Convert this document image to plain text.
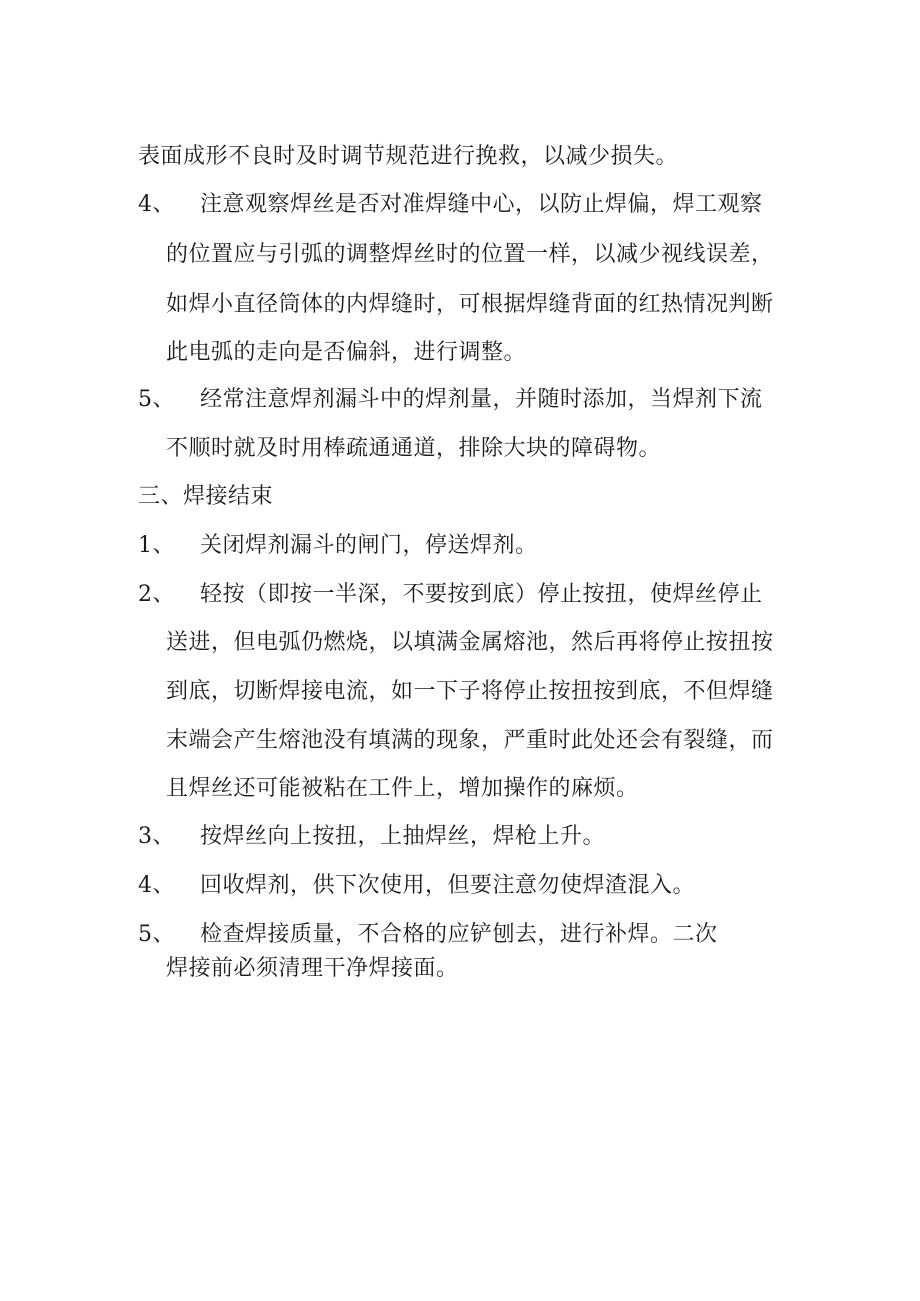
表面成形不良时及时调节规范进行挽救，以减少损失。
4、 注意观察焊丝是否对准焊缝中心，以防止焊偏，焊工观察
的位置应与引弧的调整焊丝时的位置一样，以减少视线误差，
如焊小直径筒体的内焊缝时，可根据焊缝背面的红热情况判断
此电弧的走向是否偏斜，进行调整。
5、 经常注意焊剂漏斗中的焊剂量，并随时添加，当焊剂下流
不顺时就及时用棒疏通通道，排除大块的障碍物。
三、焊接结束
1、 关闭焊剂漏斗的闸门，停送焊剂。
2、 轻按（即按一半深，不要按到底）停止按扭，使焊丝停止
送进，但电弧仍燃烧，以填满金属熔池，然后再将停止按扭按
到底，切断焊接电流，如一下子将停止按扭按到底，不但焊缝
末端会产生熔池没有填满的现象，严重时此处还会有裂缝，而
且焊丝还可能被粘在工件上，增加操作的麻烦。
3、 按焊丝向上按扭，上抽焊丝，焊枪上升。
4、 回收焊剂，供下次使用，但要注意勿使焊渣混入。
5、 检查焊接质量，不合格的应铲刨去，进行补焊。二次
焊接前必须清理干净焊接面。
